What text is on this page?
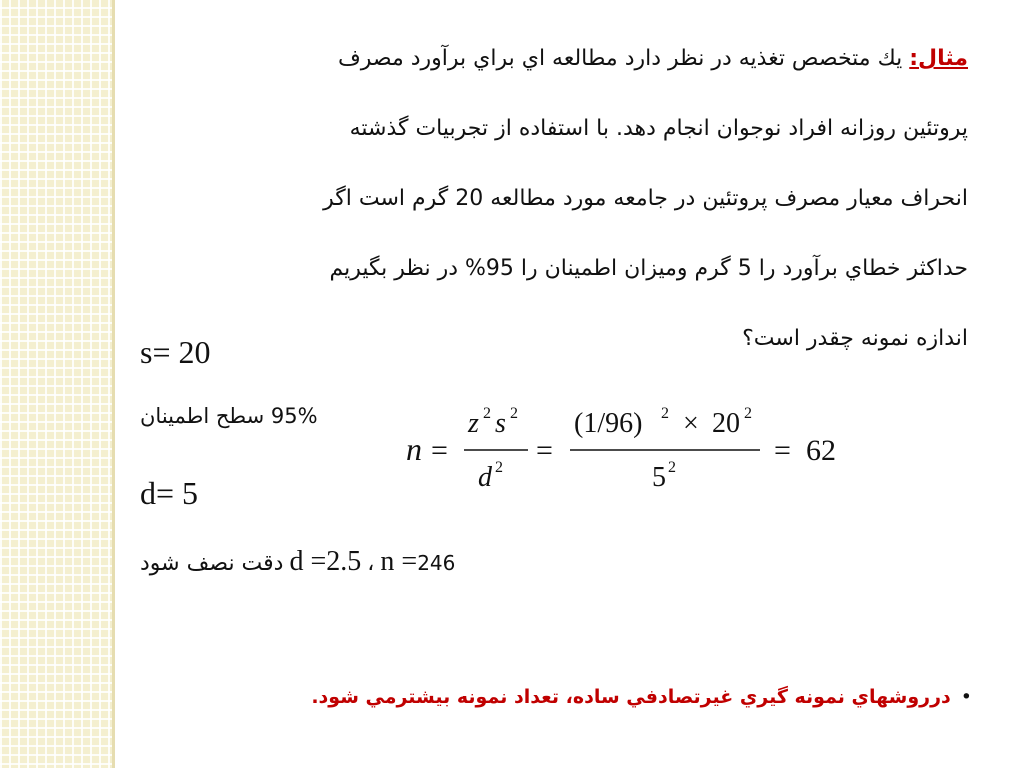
مثال: يك متخصص تغذيه در نظر دارد مطالعه اي براي برآورد مصرف
پروتئين روزانه افراد نوجوان انجام دهد. با استفاده از تجربيات گذشته
انحراف معيار مصرف پروتئين در جامعه مورد مطالعه 20 گرم است اگر
حداكثر خطاي برآورد را 5 گرم وميزان اطمينان را 95% در نظر بگيريم
اندازه نمونه چقدر است؟
s= 20
95% سطح اطمينان
d= 5
n =
z 2 s 2
d 2
=
(1/96) 2 × 20 2
5 2
= 62
n =246
،
d =2.5
دقت نصف شود
•درروشهاي نمونه گيري غيرتصادفي ساده، تعداد نمونه بيشترمي شود.
